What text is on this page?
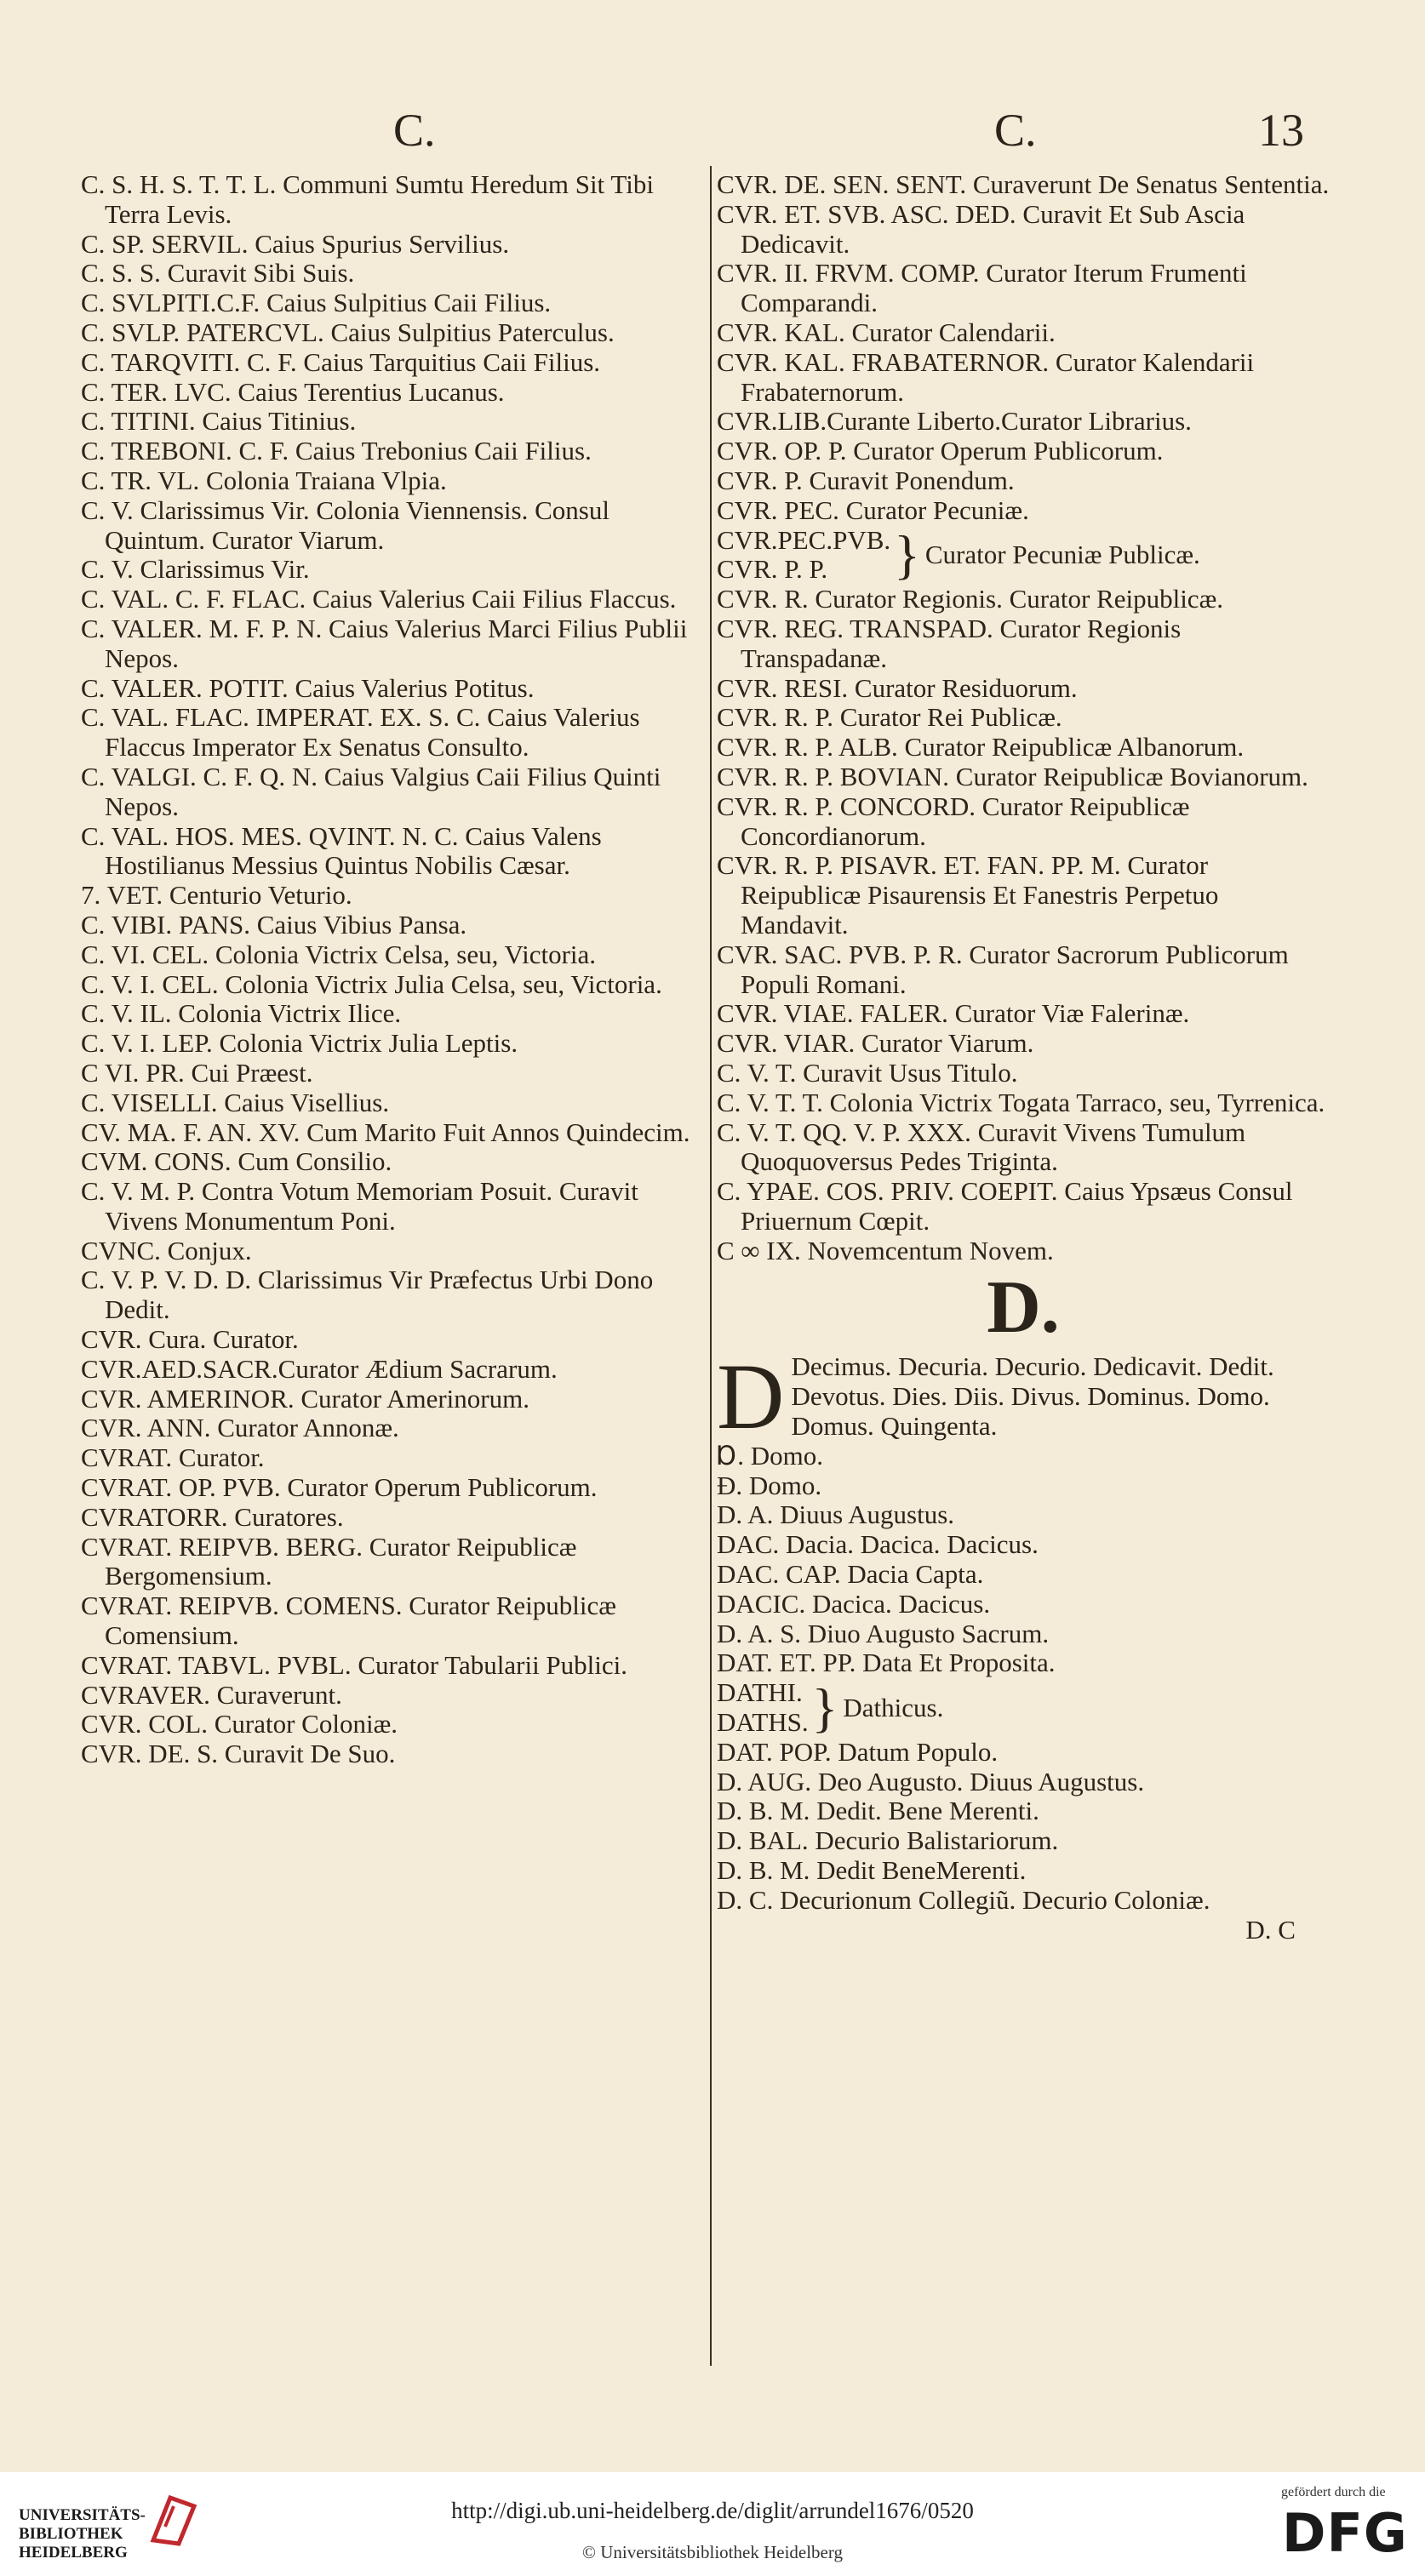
C.	C.	13

C. S. H. S. T. T. L. Communi Sumtu Heredum Sit Tibi Terra Levis.

C. SP. SERVIL. Caius Spurius Servilius.

C. S. S. Curavit Sibi Suis.

C. SVLPITI.C.F. Caius Sulpitius Caii Filius.

C. SVLP. PATERCVL. Caius Sulpitius Paterculus.

C. TARQVITI. C. F. Caius Tarquitius Caii Filius.

C. TER. LVC. Caius Terentius Lucanus.

C. TITINI. Caius Titinius.

C. TREBONI. C. F. Caius Trebonius Caii Filius.

C. TR. VL. Colonia Traiana Vlpia.

C. V. Clarissimus Vir. Colonia Viennensis. Consul Quintum. Curator Viarum.

C. V. Clarissimus Vir.

C. VAL. C. F. FLAC. Caius Valerius Caii Filius Flaccus.

C. VALER. M. F. P. N. Caius Valerius Marci Filius Publii Nepos.

C. VALER. POTIT. Caius Valerius Potitus.

C. VAL. FLAC. IMPERAT. EX. S. C. Caius Valerius Flaccus Imperator Ex Senatus Consulto.

C. VALGI. C. F. Q. N. Caius Valgius Caii Filius Quinti Nepos.

C. VAL. HOS. MES. QVINT. N. C. Caius Valens Hostilianus Messius Quintus Nobilis Cæsar.

7. VET. Centurio Veturio.

C. VIBI. PANS. Caius Vibius Pansa.

C. VI. CEL. Colonia Victrix Celsa, seu, Victoria.

C. V. I. CEL. Colonia Victrix Julia Celsa, seu, Victoria.

C. V. IL. Colonia Victrix Ilice.

C. V. I. LEP. Colonia Victrix Julia Leptis.

C VI. PR. Cui Præest.

C. VISELLI. Caius Visellius.

CV. MA. F. AN. XV. Cum Marito Fuit Annos Quindecim.

CVM. CONS. Cum Consilio.

C. V. M. P. Contra Votum Memoriam Posuit. Curavit Vivens Monumentum Poni.

CVNC. Conjux.

C. V. P. V. D. D. Clarissimus Vir Præfectus Urbi Dono Dedit.

CVR. Cura. Curator.

CVR.AED.SACR.Curator Ædium Sacrarum.

CVR. AMERINOR. Curator Amerinorum.

CVR. ANN. Curator Annonæ.

CVRAT. Curator.

CVRAT. OP. PVB. Curator Operum Publicorum.

CVRATORR. Curatores.

CVRAT. REIPVB. BERG. Curator Reipublicæ Bergomensium.

CVRAT. REIPVB. COMENS. Curator Reipublicæ Comensium.

CVRAT. TABVL. PVBL. Curator Tabularii Publici.

CVRAVER. Curaverunt.

CVR. COL. Curator Coloniæ.

CVR. DE. S. Curavit De Suo.

CVR. DE. SEN. SENT. Curaverunt De Senatus Sententia.

CVR. ET. SVB. ASC. DED. Curavit Et Sub Ascia Dedicavit.

CVR. II. FRVM. COMP. Curator Iterum Frumenti Comparandi.

CVR. KAL. Curator Calendarii.

CVR. KAL. FRABATERNOR. Curator Kalendarii Frabaternorum.

CVR.LIB.Curante Liberto.Curator Librarius.

CVR. OP. P. Curator Operum Publicorum.

CVR. P. Curavit Ponendum.

CVR. PEC. Curator Pecuniæ.

CVR.PEC.PVB.
CVR. P. P.	} Curator Pecuniæ Publicæ.

CVR. R. Curator Regionis. Curator Reipublicæ.

CVR. REG. TRANSPAD. Curator Regionis Transpadanæ.

CVR. RESI. Curator Residuorum.

CVR. R. P. Curator Rei Publicæ.

CVR. R. P. ALB. Curator Reipublicæ Albanorum.

CVR. R. P. BOVIAN. Curator Reipublicæ Bovianorum.

CVR. R. P. CONCORD. Curator Reipublicæ Concordianorum.

CVR. R. P. PISAVR. ET. FAN. PP. M. Curator Reipublicæ Pisaurensis Et Fanestris Perpetuo Mandavit.

CVR. SAC. PVB. P. R. Curator Sacrorum Publicorum Populi Romani.

CVR. VIAE. FALER. Curator Viæ Falerinæ.

CVR. VIAR. Curator Viarum.

C. V. T. Curavit Usus Titulo.

C. V. T. T. Colonia Victrix Togata Tarraco, seu, Tyrrenica.

C. V. T. QQ. V. P. XXX. Curavit Vivens Tumulum Quoquoversus Pedes Triginta.

C. YPAE. COS. PRIV. COEPIT. Caius Ypsæus Consul Priuernum Cœpit.

C ∞ IX. Novemcentum Novem.

D.
D Decimus. Decuria. Decurio. Dedicavit. Dedit. Devotus. Dies. Diis. Divus. Dominus. Domo. Domus. Quingenta.

Ɒ. Domo.

Ð. Domo.

D. A. Diuus Augustus.

DAC. Dacia. Dacica. Dacicus.

DAC. CAP. Dacia Capta.

DACIC. Dacica. Dacicus.

D. A. S. Diuo Augusto Sacrum.

DAT. ET. PP. Data Et Proposita.

DATHI.
DATHS. } Dathicus.

DAT. POP. Datum Populo.

D. AUG. Deo Augusto. Diuus Augustus.

D. B. M. Dedit. Bene Merenti.

D. BAL. Decurio Balistariorum.

D. B. M. Dedit BeneMerenti.

D. C. Decurionum Collegiũ. Decurio Coloniæ.

D. C
UNIVERSITÄTS-
BIBLIOTHEK
HEIDELBERG
http://digi.ub.uni-heidelberg.de/diglit/arrundel1676/0520
© Universitätsbibliothek Heidelberg
gefördert durch die
DFG
